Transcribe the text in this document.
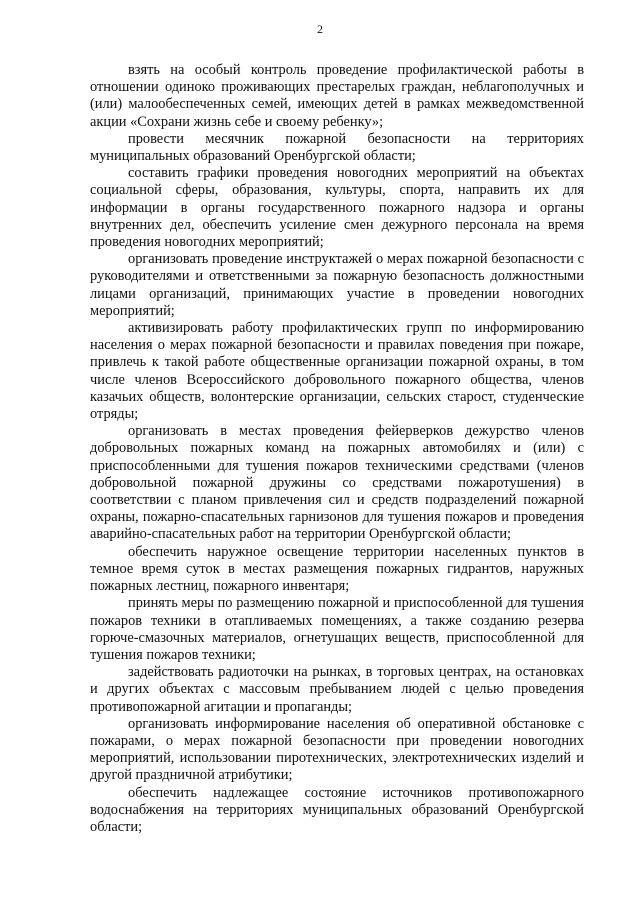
2

взять на особый контроль проведение профилактической работы в отношении одиноко проживающих престарелых граждан, неблагополучных и (или) малообеспеченных семей, имеющих детей в рамках межведомственной акции «Сохрани жизнь себе и своему ребенку»;

провести месячник пожарной безопасности на территориях муниципальных образований Оренбургской области;

составить графики проведения новогодних мероприятий на объектах социальной сферы, образования, культуры, спорта, направить их для информации в органы государственного пожарного надзора и органы внутренних дел, обеспечить усиление смен дежурного персонала на время проведения новогодних мероприятий;

организовать проведение инструктажей о мерах пожарной безопасности с руководителями и ответственными за пожарную безопасность должностными лицами организаций, принимающих участие в проведении новогодних мероприятий;

активизировать работу профилактических групп по информированию населения о мерах пожарной безопасности и правилах поведения при пожаре, привлечь к такой работе общественные организации пожарной охраны, в том числе членов Всероссийского добровольного пожарного общества, членов казачьих обществ, волонтерские организации, сельских старост, студенческие отряды;

организовать в местах проведения фейерверков дежурство членов добровольных пожарных команд на пожарных автомобилях и (или) с приспособленными для тушения пожаров техническими средствами (членов добровольной пожарной дружины со средствами пожаротушения) в соответствии с планом привлечения сил и средств подразделений пожарной охраны, пожарно-спасательных гарнизонов для тушения пожаров и проведения аварийно-спасательных работ на территории Оренбургской области;

обеспечить наружное освещение территории населенных пунктов в темное время суток в местах размещения пожарных гидрантов, наружных пожарных лестниц, пожарного инвентаря;

принять меры по размещению пожарной и приспособленной для тушения пожаров техники в отапливаемых помещениях, а также созданию резерва горюче-смазочных материалов, огнетушащих веществ, приспособленной для тушения пожаров техники;

задействовать радиоточки на рынках, в торговых центрах, на остановках и других объектах с массовым пребыванием людей с целью проведения противопожарной агитации и пропаганды;

организовать информирование населения об оперативной обстановке с пожарами, о мерах пожарной безопасности при проведении новогодних мероприятий, использовании пиротехнических, электротехнических изделий и другой праздничной атрибутики;

обеспечить надлежащее состояние источников противопожарного водоснабжения на территориях муниципальных образований Оренбургской области;
